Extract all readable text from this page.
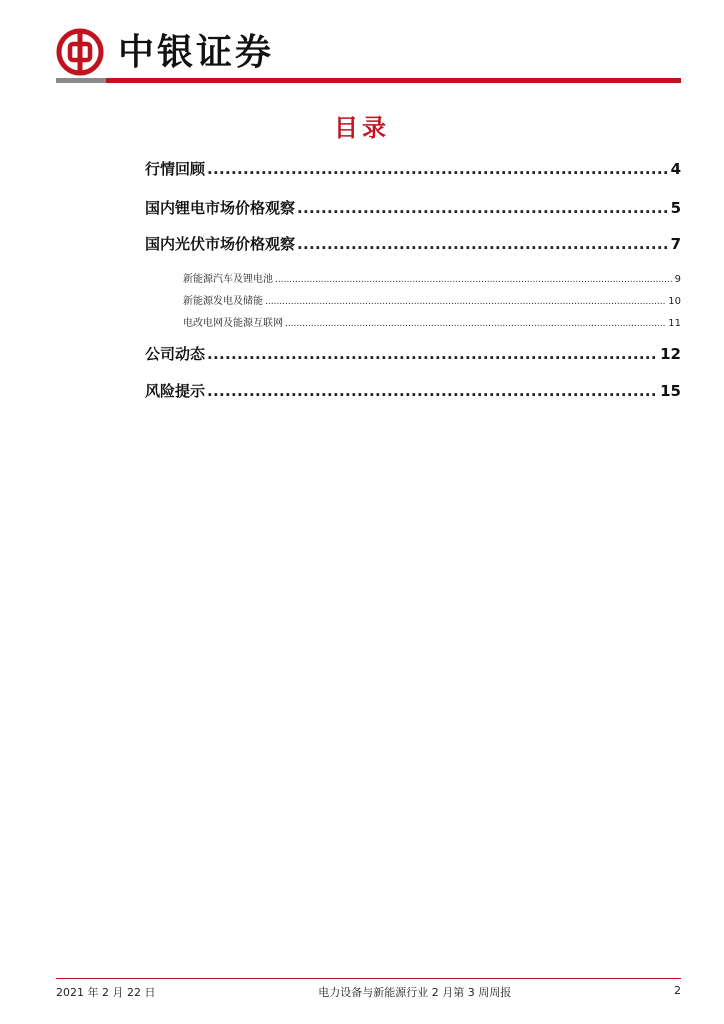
中银证券
目录
行情回顾 .....	4
国内锂电市场价格观察 .....	5
国内光伏市场价格观察 .....	7
新能源汽车及锂电池 .....	9
新能源发电及储能 .....	10
电改电网及能源互联网 .....	11
公司动态 .....	12
风险提示 .....	15
2021 年 2 月 22 日	电力设备与新能源行业 2 月第 3 周周报	2
